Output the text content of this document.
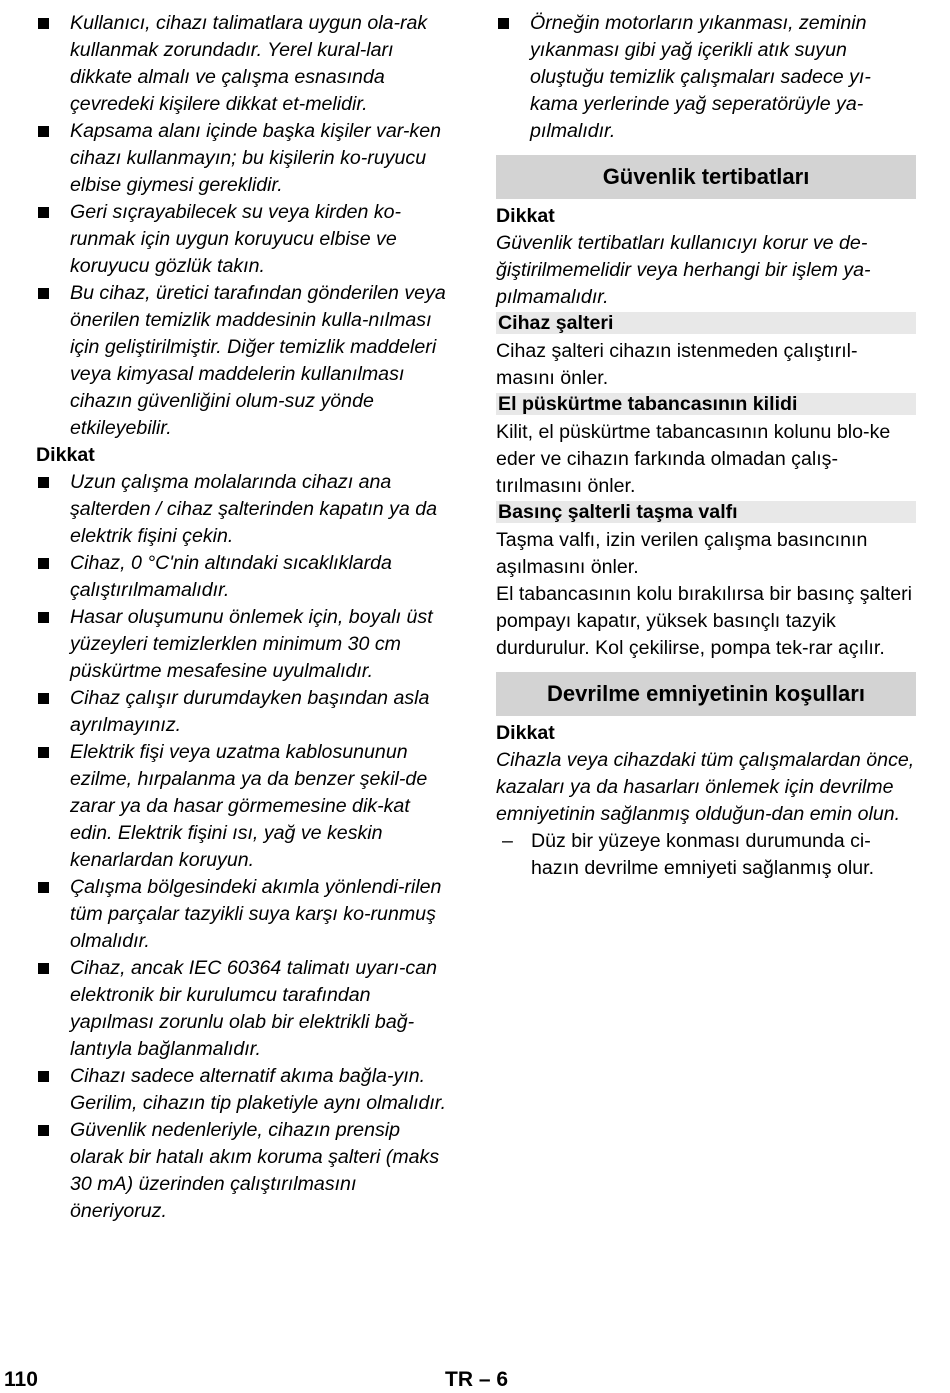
Kullanıcı, cihazı talimatlara uygun ola-rak kullanmak zorundadır. Yerel kural-ları dikkate almalı ve çalışma esnasında çevredeki kişilere dikkat et-melidir.
Kapsama alanı içinde başka kişiler var-ken cihazı kullanmayın; bu kişilerin ko-ruyucu elbise giymesi gereklidir.
Geri sıçrayabilecek su veya kirden ko-runmak için uygun koruyucu elbise ve koruyucu gözlük takın.
Bu cihaz, üretici tarafından gönderilen veya önerilen temizlik maddesinin kulla-nılması için geliştirilmiştir. Diğer temizlik maddeleri veya kimyasal maddelerin kullanılması cihazın güvenliğini olum-suz yönde etkileyebilir.

Dikkat

Uzun çalışma molalarında cihazı ana şalterden / cihaz şalterinden kapatın ya da elektrik fişini çekin.
Cihaz, 0 °C'nin altındaki sıcaklıklarda çalıştırılmamalıdır.
Hasar oluşumunu önlemek için, boyalı üst yüzeyleri temizlerklen minimum 30 cm püskürtme mesafesine uyulmalıdır.
Cihaz çalışır durumdayken başından asla ayrılmayınız.
Elektrik fişi veya uzatma kablosununun ezilme, hırpalanma ya da benzer şekil-de zarar ya da hasar görmemesine dik-kat edin. Elektrik fişini ısı, yağ ve keskin kenarlardan koruyun.
Çalışma bölgesindeki akımla yönlendi-rilen tüm parçalar tazyikli suya karşı ko-runmuş olmalıdır.
Cihaz, ancak IEC 60364 talimatı uyarı-can elektronik bir kurulumcu tarafından yapılması zorunlu olab bir elektrikli bağ-lantıyla bağlanmalıdır.
Cihazı sadece alternatif akıma bağla-yın. Gerilim, cihazın tip plaketiyle aynı olmalıdır.
Güvenlik nedenleriyle, cihazın prensip olarak bir hatalı akım koruma şalteri (maks 30 mA) üzerinden çalıştırılmasını öneriyoruz.
Örneğin motorların yıkanması, zeminin yıkanması gibi yağ içerikli atık suyun oluştuğu temizlik çalışmaları sadece yı-kama yerlerinde yağ seperatörüyle ya-pılmalıdır.
Güvenlik tertibatları

Dikkat

Güvenlik tertibatları kullanıcıyı korur ve de-ğiştirilmemelidir veya herhangi bir işlem ya-pılmamalıdır.

Cihaz şalteri

Cihaz şalteri cihazın istenmeden çalıştırıl-masını önler.

El püskürtme tabancasının kilidi

Kilit, el püskürtme tabancasının kolunu blo-ke eder ve cihazın farkında olmadan çalış-tırılmasını önler.

Basınç şalterli taşma valfı

Taşma valfı, izin verilen çalışma basıncının aşılmasını önler.

El tabancasının kolu bırakılırsa bir basınç şalteri pompayı kapatır, yüksek basınçlı tazyik durdurulur. Kol çekilirse, pompa tek-rar açılır.

Devrilme emniyetinin koşulları

Dikkat

Cihazla veya cihazdaki tüm çalışmalardan önce, kazaları ya da hasarları önlemek için devrilme emniyetinin sağlanmış olduğun-dan emin olun.

– Düz bir yüzeye konması durumunda ci-hazın devrilme emniyeti sağlanmış olur.
110	TR – 6
